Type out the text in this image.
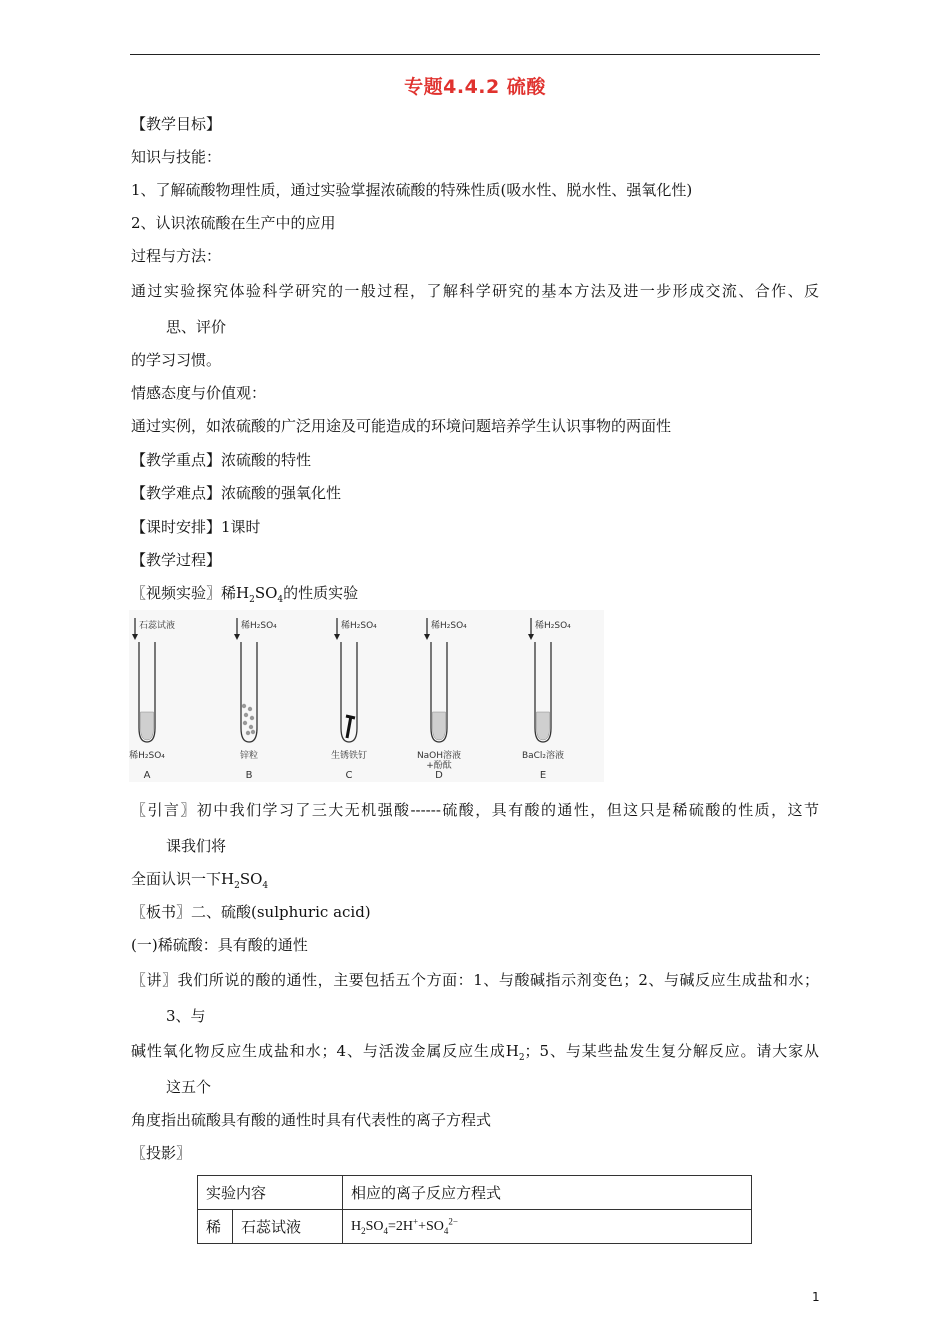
专题4.4.2 硫酸
【教学目标】
知识与技能：
1、了解硫酸物理性质，通过实验掌握浓硫酸的特殊性质(吸水性、脱水性、强氧化性)
2、认识浓硫酸在生产中的应用
过程与方法：
通过实验探究体验科学研究的一般过程，了解科学研究的基本方法及进一步形成交流、合作、反
思、评价
的学习习惯。
情感态度与价值观：
通过实例，如浓硫酸的广泛用途及可能造成的环境问题培养学生认识事物的两面性
【教学重点】浓硫酸的特性
【教学难点】浓硫酸的强氧化性
【课时安排】1课时
【教学过程】
〖视频实验〗稀$H_2SO_4$的性质实验
石蕊试液
稀H₂SO₄
A
稀H₂SO₄
锌粒
B
稀H₂SO₄
生锈铁钉
C
稀H₂SO₄
NaOH溶液
+酚酞
D
稀H₂SO₄
BaCl₂溶液
E
〖引言〗初中我们学习了三大无机强酸------硫酸，具有酸的通性，但这只是稀硫酸的性质，这节
课我们将
全面认识一下$H_2SO_4$
〖板书〗二、硫酸(sulphuric acid)
(一)稀硫酸：具有酸的通性
〖讲〗我们所说的酸的通性，主要包括五个方面：1、与酸碱指示剂变色；2、与碱反应生成盐和水；
3、与
碱性氧化物反应生成盐和水；4、与活泼金属反应生成$H_2$；5、与某些盐发生复分解反应。请大家从
这五个
角度指出硫酸具有酸的通性时具有代表性的离子方程式
〖投影〗
实验内容		相应的离子反应方程式
稀	石蕊试液	$H_2SO_4=2H^++SO_4^{2-}$
1
